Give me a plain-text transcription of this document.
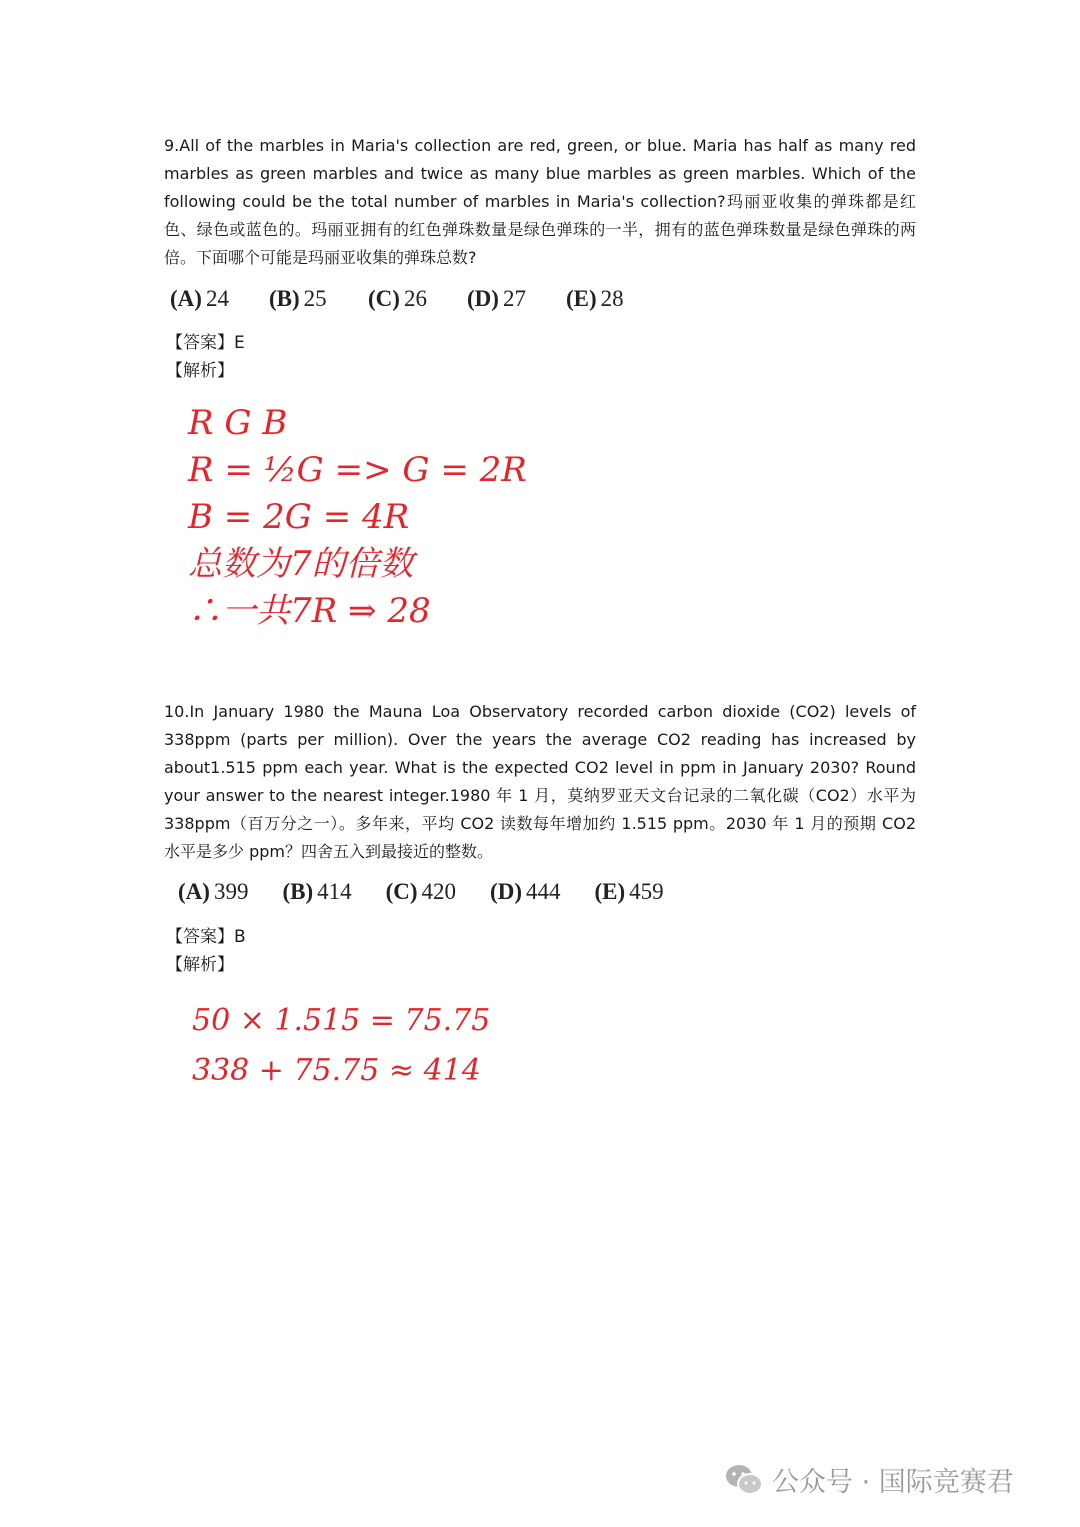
9.All of the marbles in Maria's collection are red, green, or blue. Maria has half as many red marbles as green marbles and twice as many blue marbles as green marbles. Which of the following could be the total number of marbles in Maria's collection?玛丽亚收集的弹珠都是红色、绿色或蓝色的。玛丽亚拥有的红色弹珠数量是绿色弹珠的一半，拥有的蓝色弹珠数量是绿色弹珠的两倍。下面哪个可能是玛丽亚收集的弹珠总数?

(A) 24	(B) 25	(C) 26	(D) 27	(E) 28
【答案】E
【解析】
R G B
R = ½G => G = 2R
B = 2G = 4R
总数为7的倍数
∴一共7R ⇒ 28

10.In January 1980 the Mauna Loa Observatory recorded carbon dioxide (CO2) levels of 338ppm (parts per million). Over the years the average CO2 reading has increased by about1.515 ppm each year. What is the expected CO2 level in ppm in January 2030? Round your answer to the nearest integer.1980 年 1 月，莫纳罗亚天文台记录的二氧化碳（CO2）水平为 338ppm（百万分之一）。多年来，平均 CO2 读数每年增加约 1.515 ppm。2030 年 1 月的预期 CO2 水平是多少 ppm？四舍五入到最接近的整数。

(A) 399 (B) 414 (C) 420 (D) 444 (E) 459
【答案】B
【解析】
50 × 1.515 = 75.75
338 + 75.75 ≈ 414
公众号 · 国际竞赛君
